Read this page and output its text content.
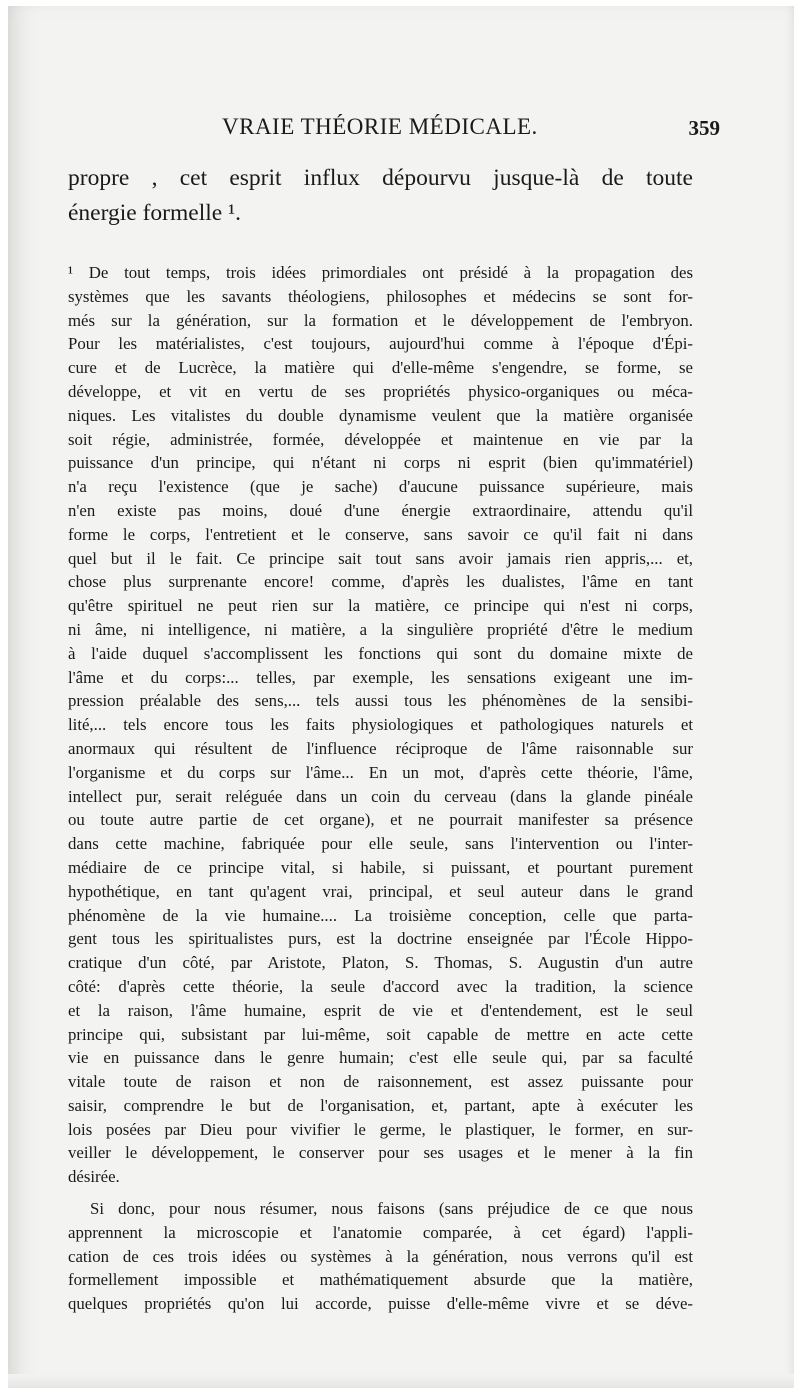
VRAIE THÉORIE MÉDICALE.	359
propre , cet esprit influx dépourvu jusque-là de toute
énergie formelle ¹.
¹ De tout temps, trois idées primordiales ont présidé à la propagation des
systèmes que les savants théologiens, philosophes et médecins se sont for-
més sur la génération, sur la formation et le développement de l'embryon.
Pour les matérialistes, c'est toujours, aujourd'hui comme à l'époque d'Épi-
cure et de Lucrèce, la matière qui d'elle-même s'engendre, se forme, se
développe, et vit en vertu de ses propriétés physico-organiques ou méca-
niques. Les vitalistes du double dynamisme veulent que la matière organisée
soit régie, administrée, formée, développée et maintenue en vie par la
puissance d'un principe, qui n'étant ni corps ni esprit (bien qu'immatériel)
n'a reçu l'existence (que je sache) d'aucune puissance supérieure, mais
n'en existe pas moins, doué d'une énergie extraordinaire, attendu qu'il
forme le corps, l'entretient et le conserve, sans savoir ce qu'il fait ni dans
quel but il le fait. Ce principe sait tout sans avoir jamais rien appris,... et,
chose plus surprenante encore! comme, d'après les dualistes, l'âme en tant
qu'être spirituel ne peut rien sur la matière, ce principe qui n'est ni corps,
ni âme, ni intelligence, ni matière, a la singulière propriété d'être le medium
à l'aide duquel s'accomplissent les fonctions qui sont du domaine mixte de
l'âme et du corps:... telles, par exemple, les sensations exigeant une im-
pression préalable des sens,... tels aussi tous les phénomènes de la sensibi-
lité,... tels encore tous les faits physiologiques et pathologiques naturels et
anormaux qui résultent de l'influence réciproque de l'âme raisonnable sur
l'organisme et du corps sur l'âme... En un mot, d'après cette théorie, l'âme,
intellect pur, serait reléguée dans un coin du cerveau (dans la glande pinéale
ou toute autre partie de cet organe), et ne pourrait manifester sa présence
dans cette machine, fabriquée pour elle seule, sans l'intervention ou l'inter-
médiaire de ce principe vital, si habile, si puissant, et pourtant purement
hypothétique, en tant qu'agent vrai, principal, et seul auteur dans le grand
phénomène de la vie humaine.... La troisième conception, celle que parta-
gent tous les spiritualistes purs, est la doctrine enseignée par l'École Hippo-
cratique d'un côté, par Aristote, Platon, S. Thomas, S. Augustin d'un autre
côté: d'après cette théorie, la seule d'accord avec la tradition, la science
et la raison, l'âme humaine, esprit de vie et d'entendement, est le seul
principe qui, subsistant par lui-même, soit capable de mettre en acte cette
vie en puissance dans le genre humain; c'est elle seule qui, par sa faculté
vitale toute de raison et non de raisonnement, est assez puissante pour
saisir, comprendre le but de l'organisation, et, partant, apte à exécuter les
lois posées par Dieu pour vivifier le germe, le plastiquer, le former, en sur-
veiller le développement, le conserver pour ses usages et le mener à la fin
désirée.
Si donc, pour nous résumer, nous faisons (sans préjudice de ce que nous
apprennent la microscopie et l'anatomie comparée, à cet égard) l'appli-
cation de ces trois idées ou systèmes à la génération, nous verrons qu'il est
formellement impossible et mathématiquement absurde que la matière,
quelques propriétés qu'on lui accorde, puisse d'elle-même vivre et se déve-
